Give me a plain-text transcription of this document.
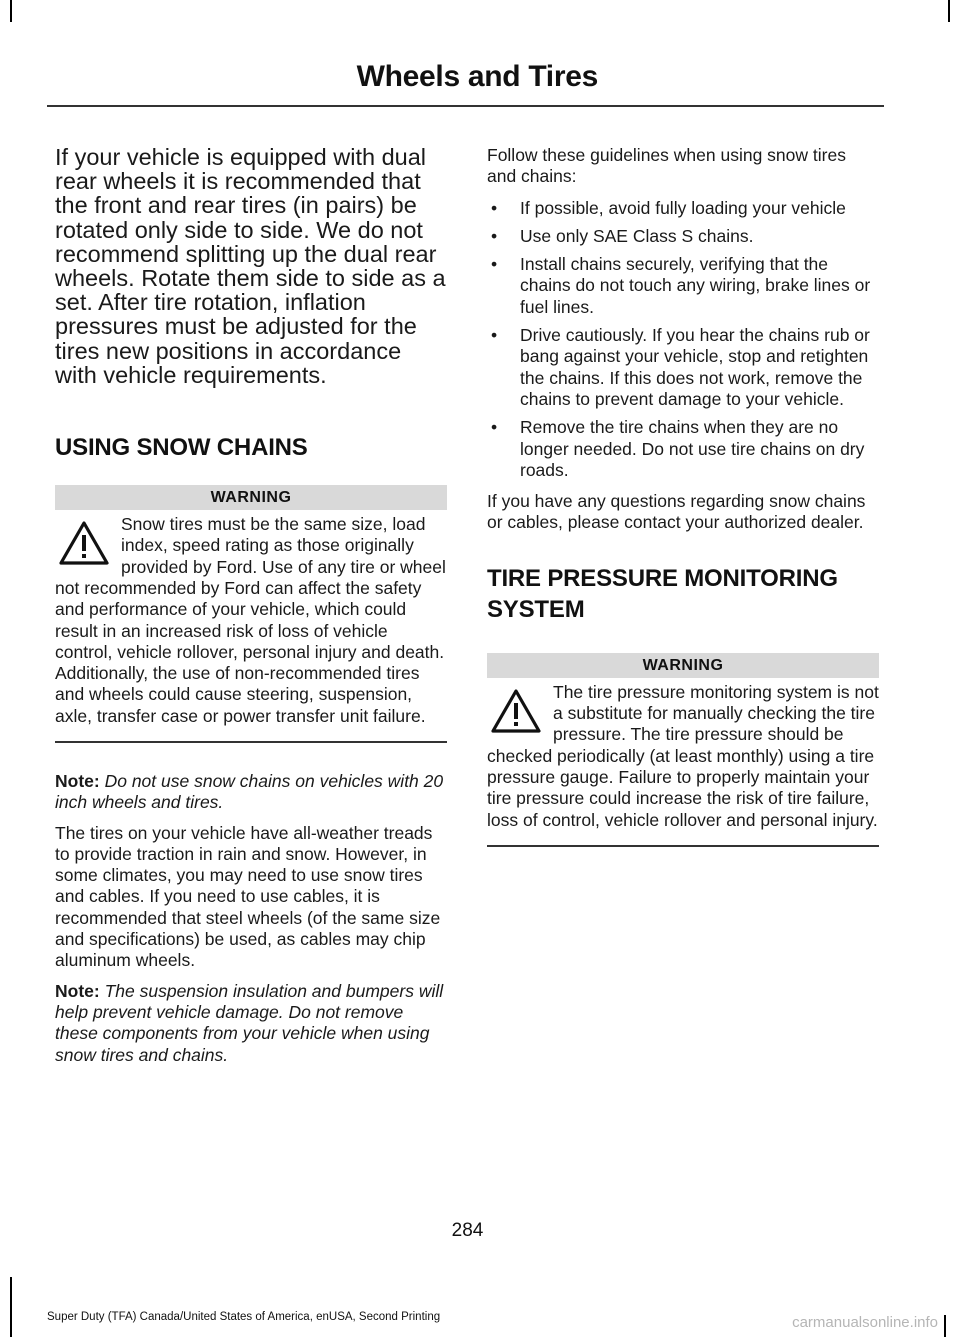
Wheels and Tires

If your vehicle is equipped with dual rear wheels it is recommended that the front and rear tires (in pairs) be rotated only side to side. We do not recommend splitting up the dual rear wheels. Rotate them side to side as a set. After tire rotation, inflation pressures must be adjusted for the tires new positions in accordance with vehicle requirements.

USING SNOW CHAINS
WARNING
Snow tires must be the same size, load index, speed rating as those originally provided by Ford. Use of any tire or wheel not recommended by Ford can affect the safety and performance of your vehicle, which could result in an increased risk of loss of vehicle control, vehicle rollover, personal injury and death. Additionally, the use of non-recommended tires and wheels could cause steering, suspension, axle, transfer case or power transfer unit failure.

Note: Do not use snow chains on vehicles with 20 inch wheels and tires.

The tires on your vehicle have all-weather treads to provide traction in rain and snow. However, in some climates, you may need to use snow tires and cables. If you need to use cables, it is recommended that steel wheels (of the same size and specifications) be used, as cables may chip aluminum wheels.

Note: The suspension insulation and bumpers will help prevent vehicle damage. Do not remove these components from your vehicle when using snow tires and chains.

Follow these guidelines when using snow tires and chains:

• If possible, avoid fully loading your vehicle
• Use only SAE Class S chains.
• Install chains securely, verifying that the chains do not touch any wiring, brake lines or fuel lines.
• Drive cautiously. If you hear the chains rub or bang against your vehicle, stop and retighten the chains. If this does not work, remove the chains to prevent damage to your vehicle.
• Remove the tire chains when they are no longer needed. Do not use tire chains on dry roads.

If you have any questions regarding snow chains or cables, please contact your authorized dealer.

TIRE PRESSURE MONITORING
SYSTEM
WARNING
The tire pressure monitoring system is not a substitute for manually checking the tire pressure. The tire pressure should be checked periodically (at least monthly) using a tire pressure gauge. Failure to properly maintain your tire pressure could increase the risk of tire failure, loss of control, vehicle rollover and personal injury.
284
Super Duty (TFA) Canada/United States of America, enUSA, Second Printing	carmanualsonline.info
